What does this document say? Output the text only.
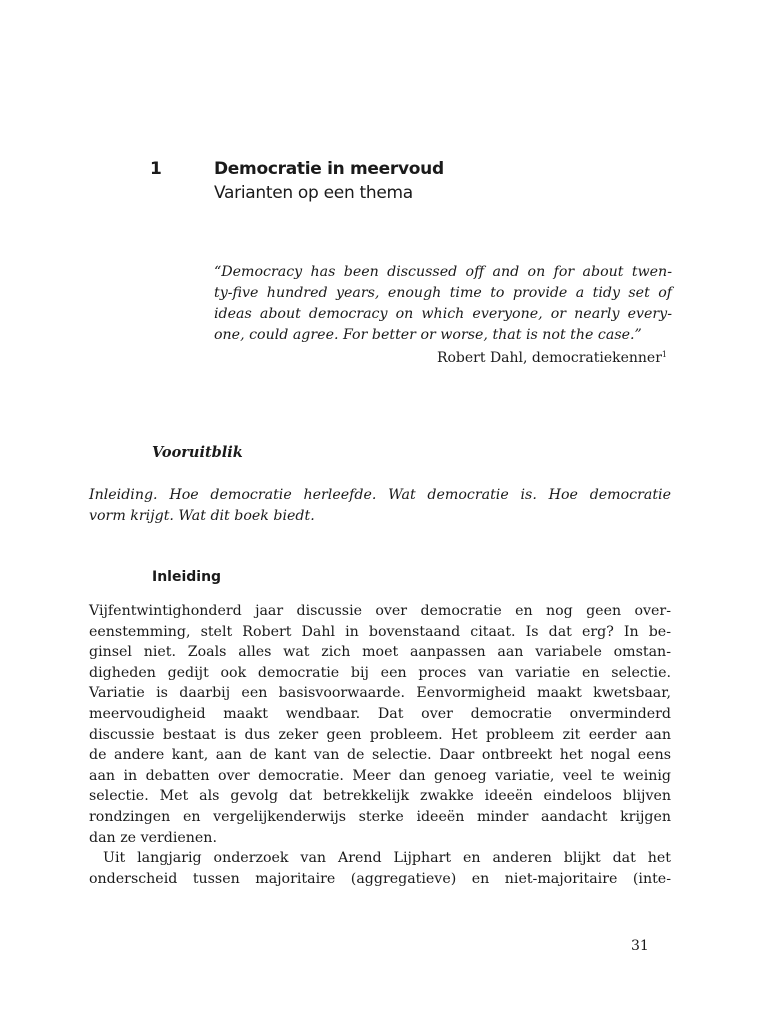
1	Democratie in meervoud
Varianten op een thema
“Democracy has been discussed off and on for about twen-
ty-five hundred years, enough time to provide a tidy set of
ideas about democracy on which everyone, or nearly every-
one, could agree. For better or worse, that is not the case.”
Robert Dahl, democratiekenner$^1$
Vooruitblik
Inleiding. Hoe democratie herleefde. Wat democratie is. Hoe democratie
vorm krijgt. Wat dit boek biedt.
Inleiding
Vijfentwintighonderd jaar discussie over democratie en nog geen over-
eenstemming, stelt Robert Dahl in bovenstaand citaat. Is dat erg? In be-
ginsel niet. Zoals alles wat zich moet aanpassen aan variabele omstan-
digheden gedijt ook democratie bij een proces van variatie en selectie.
Variatie is daarbij een basisvoorwaarde. Eenvormigheid maakt kwetsbaar,
meervoudigheid maakt wendbaar. Dat over democratie onverminderd
discussie bestaat is dus zeker geen probleem. Het probleem zit eerder aan
de andere kant, aan de kant van de selectie. Daar ontbreekt het nogal eens
aan in debatten over democratie. Meer dan genoeg variatie, veel te weinig
selectie. Met als gevolg dat betrekkelijk zwakke ideeën eindeloos blijven
rondzingen en vergelijkenderwijs sterke ideeën minder aandacht krijgen
dan ze verdienen.
Uit langjarig onderzoek van Arend Lijphart en anderen blijkt dat het
onderscheid tussen majoritaire (aggregatieve) en niet-majoritaire (inte-
31
